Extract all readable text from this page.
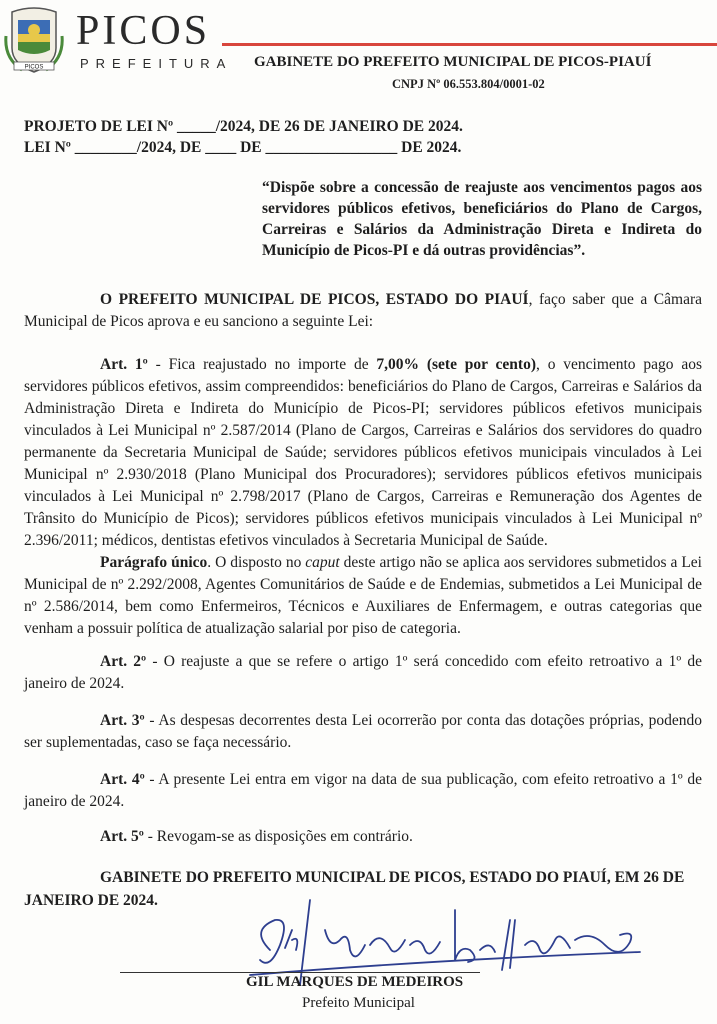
PICOS
PICOS
PREFEITURA GABINETE DO PREFEITO MUNICIPAL DE PICOS-PIAUÍ
CNPJ Nº 06.553.804/0001-02
PROJETO DE LEI Nº _____/2024, DE 26 DE JANEIRO DE 2024.
LEI Nº ________/2024, DE ____ DE _________________ DE 2024.
“Dispõe sobre a concessão de reajuste aos vencimentos pagos aos servidores públicos efetivos, beneficiários do Plano de Cargos, Carreiras e Salários da Administração Direta e Indireta do Município de Picos-PI e dá outras providências”.

O PREFEITO MUNICIPAL DE PICOS, ESTADO DO PIAUÍ, faço saber que a Câmara Municipal de Picos aprova e eu sanciono a seguinte Lei:

Art. 1º - Fica reajustado no importe de 7,00% (sete por cento), o vencimento pago aos servidores públicos efetivos, assim compreendidos: beneficiários do Plano de Cargos, Carreiras e Salários da Administração Direta e Indireta do Município de Picos-PI; servidores públicos efetivos municipais vinculados à Lei Municipal nº 2.587/2014 (Plano de Cargos, Carreiras e Salários dos servidores do quadro permanente da Secretaria Municipal de Saúde; servidores públicos efetivos municipais vinculados à Lei Municipal nº 2.930/2018 (Plano Municipal dos Procuradores); servidores públicos efetivos municipais vinculados à Lei Municipal nº 2.798/2017 (Plano de Cargos, Carreiras e Remuneração dos Agentes de Trânsito do Município de Picos); servidores públicos efetivos municipais vinculados à Lei Municipal nº 2.396/2011; médicos, dentistas efetivos vinculados à Secretaria Municipal de Saúde.

Parágrafo único. O disposto no caput deste artigo não se aplica aos servidores submetidos a Lei Municipal de nº 2.292/2008, Agentes Comunitários de Saúde e de Endemias, submetidos a Lei Municipal de nº 2.586/2014, bem como Enfermeiros, Técnicos e Auxiliares de Enfermagem, e outras categorias que venham a possuir política de atualização salarial por piso de categoria.

Art. 2º - O reajuste a que se refere o artigo 1º será concedido com efeito retroativo a 1º de janeiro de 2024.

Art. 3º - As despesas decorrentes desta Lei ocorrerão por conta das dotações próprias, podendo ser suplementadas, caso se faça necessário.

Art. 4º - A presente Lei entra em vigor na data de sua publicação, com efeito retroativo a 1º de janeiro de 2024.

Art. 5º - Revogam-se as disposições em contrário.

GABINETE DO PREFEITO MUNICIPAL DE PICOS, ESTADO DO PIAUÍ, EM 26 DE JANEIRO DE 2024.
GIL MARQUES DE MEDEIROS
Prefeito Municipal
